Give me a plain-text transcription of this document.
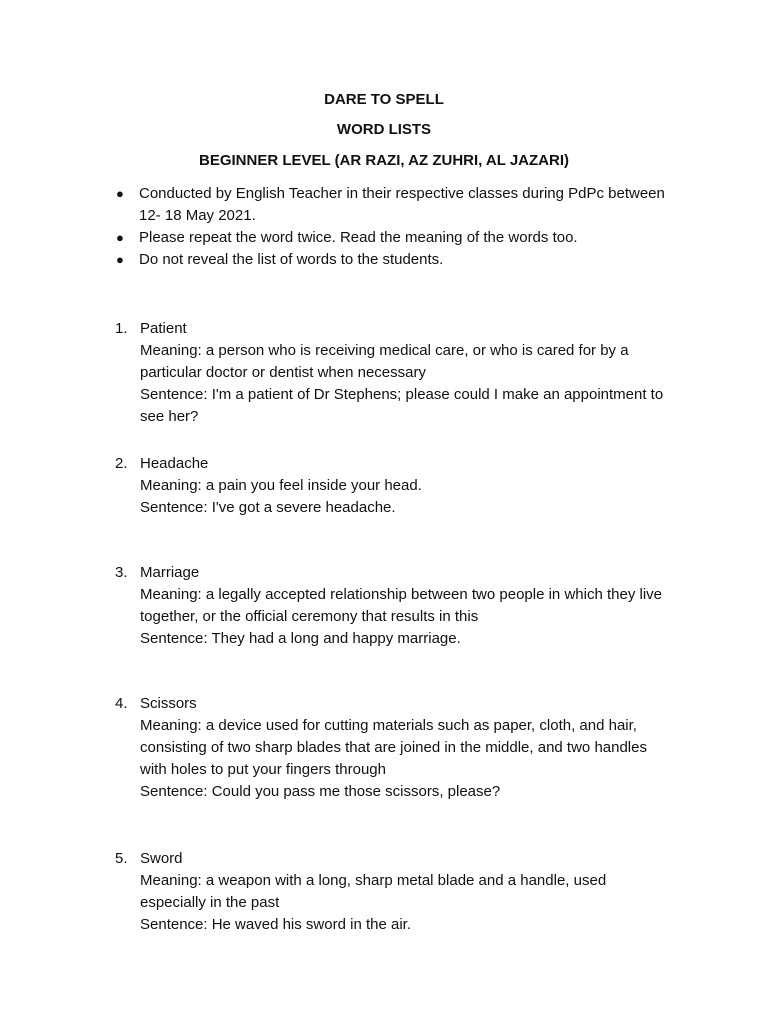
DARE TO SPELL
WORD LISTS
BEGINNER LEVEL (AR RAZI, AZ ZUHRI, AL JAZARI)
● Conducted by English Teacher in their respective classes during PdPc between 12- 18 May 2021.
● Please repeat the word twice. Read the meaning of the words too.
● Do not reveal the list of words to the students.
1. Patient
Meaning: a person who is receiving medical care, or who is cared for by a particular doctor or dentist when necessary
Sentence: I'm a patient of Dr Stephens; please could I make an appointment to see her?
2. Headache
Meaning: a pain you feel inside your head.
Sentence: I've got a severe headache.
3. Marriage
Meaning: a legally accepted relationship between two people in which they live together, or the official ceremony that results in this
Sentence: They had a long and happy marriage.
4. Scissors
Meaning: a device used for cutting materials such as paper, cloth, and hair, consisting of two sharp blades that are joined in the middle, and two handles with holes to put your fingers through
Sentence: Could you pass me those scissors, please?
5. Sword
Meaning: a weapon with a long, sharp metal blade and a handle, used especially in the past
Sentence: He waved his sword in the air.
